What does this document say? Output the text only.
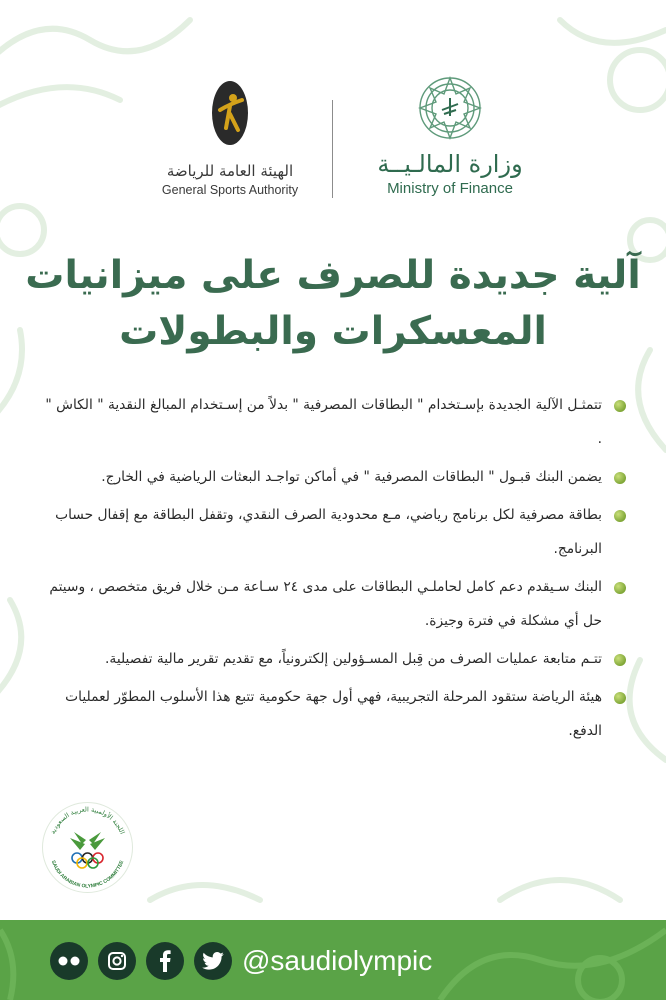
الهيئة العامة للرياضة
General Sports Authority
وزارة المالـيــة
Ministry of Finance
آلية جديدة للصرف على ميزانيات
المعسكرات والبطولات
تتمثـل الآلية الجديدة بإسـتخدام " البطاقات المصرفية " بدلاً من إسـتخدام المبالغ النقدية " الكاش " .
يضمن البنك قبـول " البطاقات المصرفية " في أماكن تواجـد البعثات الرياضية في الخارج.
بطاقة مصرفية لكل برنامج رياضي، مـع محدودية الصرف النقدي، وتقفل البطاقة مع إقفال حساب البرنامج.
البنك سـيقدم دعم كامل لحاملـي البطاقات على مدى ٢٤ سـاعة مـن خلال فريق متخصص ، وسيتم حل أي مشكلة في فترة وجيزة.
تتـم متابعة عمليات الصرف من قِبل المسـؤولين إلكترونياً، مع تقديم تقرير مالية تفصيلية.
هيئة الرياضة ستقود المرحلة التجريبية، فهي أول جهة حكومية تتبع هذا الأسلوب المطوّر لعمليات الدفع.
اللجنة الأولمبية العربية السعودية
SAUDI ARABIAN OLYMPIC COMMITTEE
@saudiolympic
